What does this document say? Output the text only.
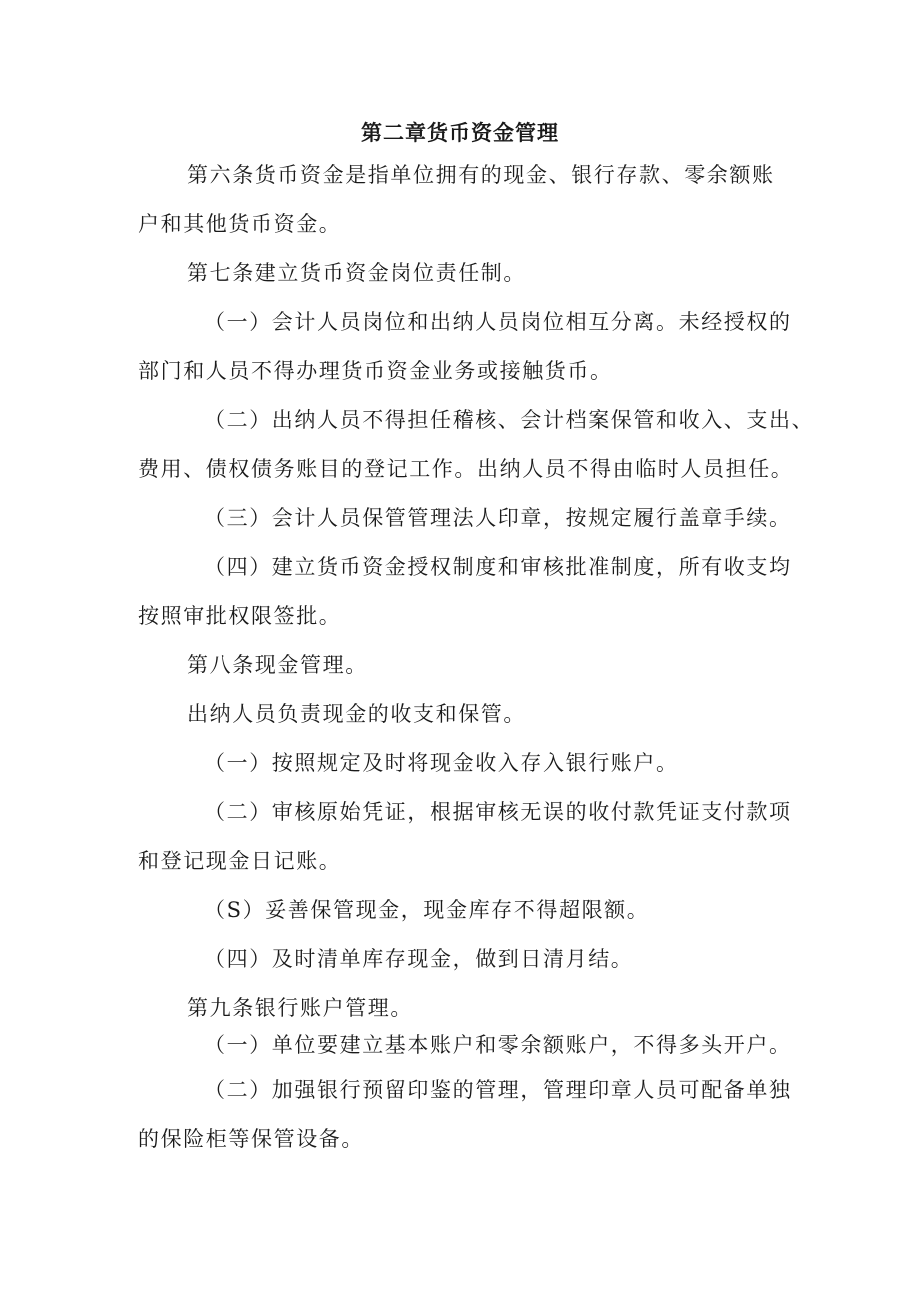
第二章货币资金管理
第六条货币资金是指单位拥有的现金、银行存款、零余额账
户和其他货币资金。
第七条建立货币资金岗位责任制。
（一）会计人员岗位和出纳人员岗位相互分离。未经授权的
部门和人员不得办理货币资金业务或接触货币。
（二）出纳人员不得担任稽核、会计档案保管和收入、支出、
费用、债权债务账目的登记工作。出纳人员不得由临时人员担任。
（三）会计人员保管管理法人印章，按规定履行盖章手续。
（四）建立货币资金授权制度和审核批准制度，所有收支均
按照审批权限签批。
第八条现金管理。
出纳人员负责现金的收支和保管。
（一）按照规定及时将现金收入存入银行账户。
（二）审核原始凭证，根据审核无误的收付款凭证支付款项
和登记现金日记账。
（S）妥善保管现金，现金库存不得超限额。
（四）及时清单库存现金，做到日清月结。
第九条银行账户管理。
（一）单位要建立基本账户和零余额账户，不得多头开户。
（二）加强银行预留印鉴的管理，管理印章人员可配备单独
的保险柜等保管设备。
